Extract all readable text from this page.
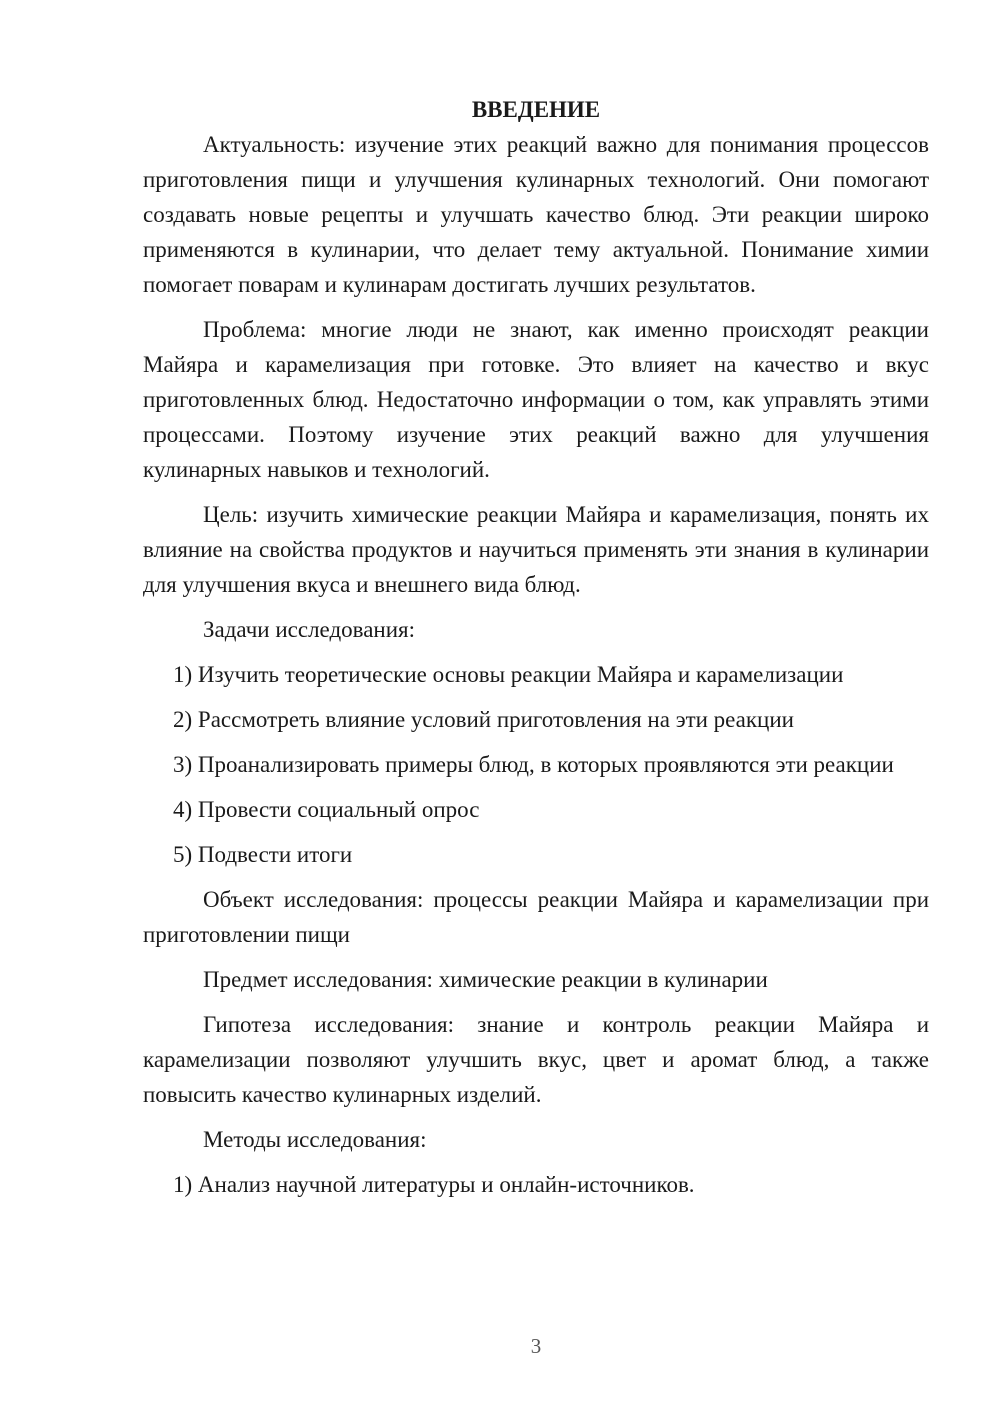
ВВЕДЕНИЕ

Актуальность: изучение этих реакций важно для понимания процессов приготовления пищи и улучшения кулинарных технологий. Они помогают создавать новые рецепты и улучшать качество блюд. Эти реакции широко применяются в кулинарии, что делает тему актуальной. Понимание химии помогает поварам и кулинарам достигать лучших результатов.

Проблема: многие люди не знают, как именно происходят реакции Майяра и карамелизация при готовке. Это влияет на качество и вкус приготовленных блюд. Недостаточно информации о том, как управлять этими процессами. Поэтому изучение этих реакций важно для улучшения кулинарных навыков и технологий.

Цель: изучить химические реакции Майяра и карамелизация, понять их влияние на свойства продуктов и научиться применять эти знания в кулинарии для улучшения вкуса и внешнего вида блюд.

Задачи исследования:

1) Изучить теоретические основы реакции Майяра и карамелизации

2) Рассмотреть влияние условий приготовления на эти реакции

3) Проанализировать примеры блюд, в которых проявляются эти реакции

4) Провести социальный опрос

5) Подвести итоги

Объект исследования: процессы реакции Майяра и карамелизации при приготовлении пищи

Предмет исследования: химические реакции в кулинарии

Гипотеза исследования: знание и контроль реакции Майяра и карамелизации позволяют улучшить вкус, цвет и аромат блюд, а также повысить качество кулинарных изделий.

Методы исследования:

1) Анализ научной литературы и онлайн-источников.

3
